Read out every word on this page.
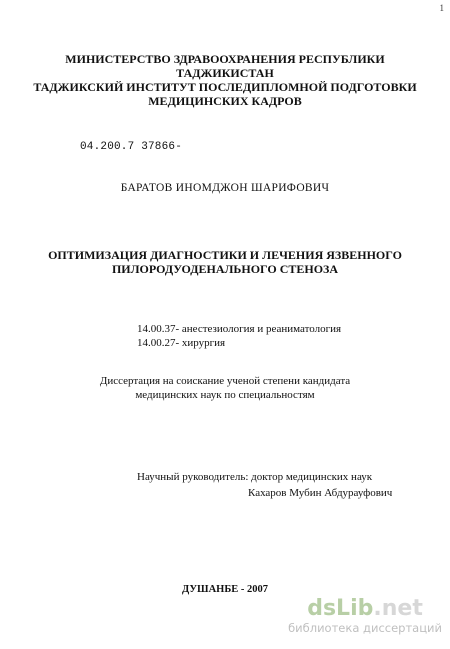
1
МИНИСТЕРСТВО ЗДРАВООХРАНЕНИЯ РЕСПУБЛИКИ
ТАДЖИКИСТАН
ТАДЖИКСКИЙ ИНСТИТУТ ПОСЛЕДИПЛОМНОЙ ПОДГОТОВКИ
МЕДИЦИНСКИХ КАДРОВ
04.200.7 37866-
БАРАТОВ ИНОМДЖОН ШАРИФОВИЧ
ОПТИМИЗАЦИЯ ДИАГНОСТИКИ И ЛЕЧЕНИЯ ЯЗВЕННОГО
ПИЛОРОДУОДЕНАЛЬНОГО СТЕНОЗА
14.00.37- анестезиология и реаниматология
14.00.27- хирургия
Диссертация на соискание ученой степени кандидата
медицинских наук по специальностям
Научный руководитель: доктор медицинских наук
Кахаров Мубин Абдурауфович
ДУШАНБЕ - 2007
dsLib.net
библиотека диссертаций
